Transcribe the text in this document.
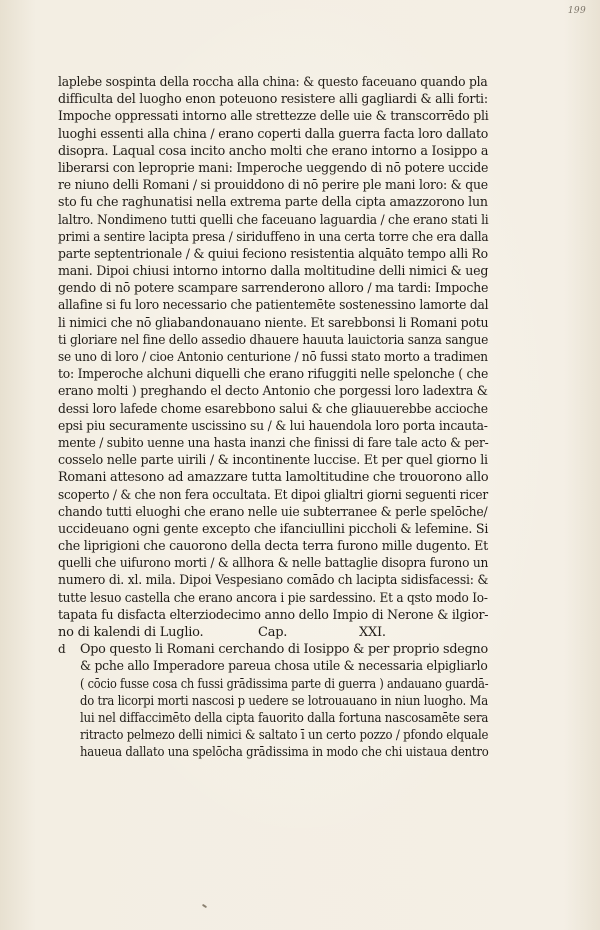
199
laplebe sospinta della roccha alla china: & questo faceuano quando pla
difficulta del luogho enon poteuono resistere alli gagliardi & alli forti:
Impoche oppressati intorno alle strettezze delle uie & transcorrēdo pli
luoghi essenti alla china / erano coperti dalla guerra facta loro dallato
disopra. Laqual cosa incito ancho molti che erano intorno a Iosippo a
liberarsi con leproprie mani: Imperoche ueggendo di nō potere uccide
re niuno delli Romani / si prouiddono di nō perire ple mani loro: & que
sto fu che raghunatisi nella extrema parte della cipta amazzorono lun
laltro. Nondimeno tutti quelli che faceuano laguardia / che erano stati li
primi a sentire lacipta presa / siriduffeno in una certa torre che era dalla
parte septentrionale / & quiui feciono resistentia alquāto tempo alli Ro
mani. Dipoi chiusi intorno intorno dalla moltitudine delli nimici & ueg
gendo di nō potere scampare sarrenderono alloro / ma tardi: Impoche
allafine si fu loro necessario che patientemēte sostenessino lamorte dal
li nimici che nō gliabandonauano niente. Et sarebbonsi li Romani potu
ti gloriare nel fine dello assedio dhauere hauuta lauictoria sanza sangue
se uno di loro / cioe Antonio centurione / nō fussi stato morto a tradimen
to: Imperoche alchuni diquelli che erano rifuggiti nelle spelonche ( che
erano molti ) preghando el decto Antonio che porgessi loro ladextra &
dessi loro lafede chome esarebbono salui & che gliauuerebbe accioche
epsi piu securamente uscissino su / & lui hauendola loro porta incauta-
mente / subito uenne una hasta inanzi che finissi di fare tale acto & per-
cosselo nelle parte uirili / & incontinente luccise. Et per quel giorno li
Romani attesono ad amazzare tutta lamoltitudine che trouorono allo
scoperto / & che non fera occultata. Et dipoi glialtri giorni seguenti ricer
chando tutti eluoghi che erano nelle uie subterranee & perle spelōche/
uccideuano ogni gente excepto che ifanciullini piccholi & lefemine. Si
che liprigioni che cauorono della decta terra furono mille dugento. Et
quelli che uifurono morti / & allhora & nelle battaglie disopra furono un
numero di. xl. mila. Dipoi Vespesiano comādo ch lacipta sidisfacessi: &
tutte lesuo castella che erano ancora i pie sardessino. Et a qsto modo Io-
tapata fu disfacta elterziodecimo anno dello Impio di Nerone & ilgior-
no di kalendi di Luglio.	Cap.	XXI.
d Opo questo li Romani cerchando di Iosippo & per proprio sdegno
& pche allo Imperadore pareua chosa utile & necessaria elpigliarlo
( cōcio fusse cosa ch fussi grādissima parte di guerra ) andauano guardā-
do tra licorpi morti nascosi p uedere se lotrouauano in niun luogho. Ma
lui nel diffaccimēto della cipta fauorito dalla fortuna nascosamēte sera
ritracto pelmezo delli nimici & saltato ī un certo pozzo / pfondo elquale
haueua dallato una spelōcha grādissima in modo che chi uistaua dentro
